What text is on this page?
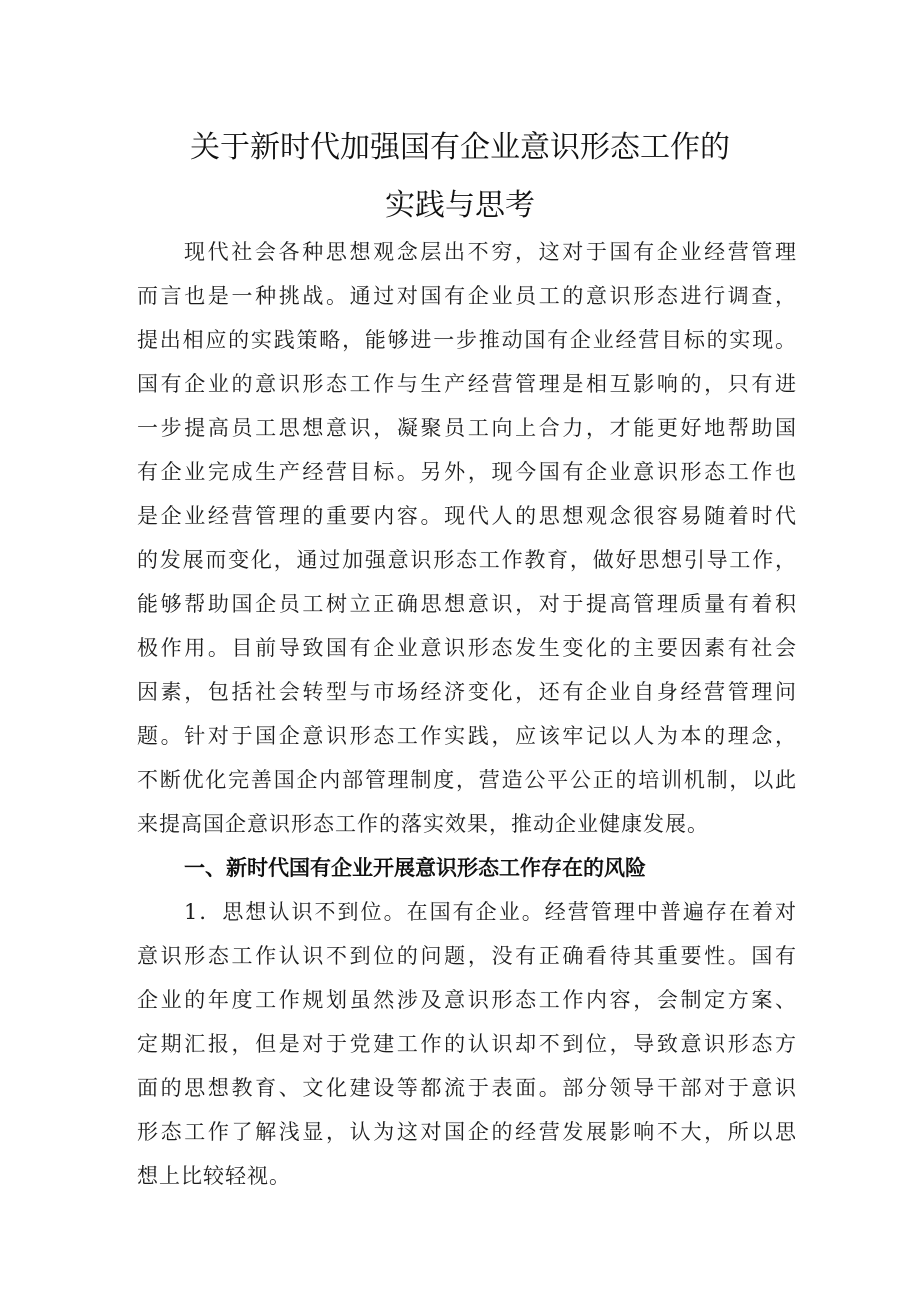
关于新时代加强国有企业意识形态工作的
实践与思考

现代社会各种思想观念层出不穷，这对于国有企业经营管理

而言也是一种挑战。通过对国有企业员工的意识形态进行调查，

提出相应的实践策略，能够进一步推动国有企业经营目标的实现。

国有企业的意识形态工作与生产经营管理是相互影响的，只有进

一步提高员工思想意识，凝聚员工向上合力，才能更好地帮助国

有企业完成生产经营目标。另外，现今国有企业意识形态工作也

是企业经营管理的重要内容。现代人的思想观念很容易随着时代

的发展而变化，通过加强意识形态工作教育，做好思想引导工作，

能够帮助国企员工树立正确思想意识，对于提高管理质量有着积

极作用。目前导致国有企业意识形态发生变化的主要因素有社会

因素，包括社会转型与市场经济变化，还有企业自身经营管理问

题。针对于国企意识形态工作实践，应该牢记以人为本的理念，

不断优化完善国企内部管理制度，营造公平公正的培训机制，以此

来提高国企意识形态工作的落实效果，推动企业健康发展。

一、新时代国有企业开展意识形态工作存在的风险

1．思想认识不到位。在国有企业。经营管理中普遍存在着对

意识形态工作认识不到位的问题，没有正确看待其重要性。国有

企业的年度工作规划虽然涉及意识形态工作内容，会制定方案、

定期汇报，但是对于党建工作的认识却不到位，导致意识形态方

面的思想教育、文化建设等都流于表面。部分领导干部对于意识

形态工作了解浅显，认为这对国企的经营发展影响不大，所以思

想上比较轻视。
